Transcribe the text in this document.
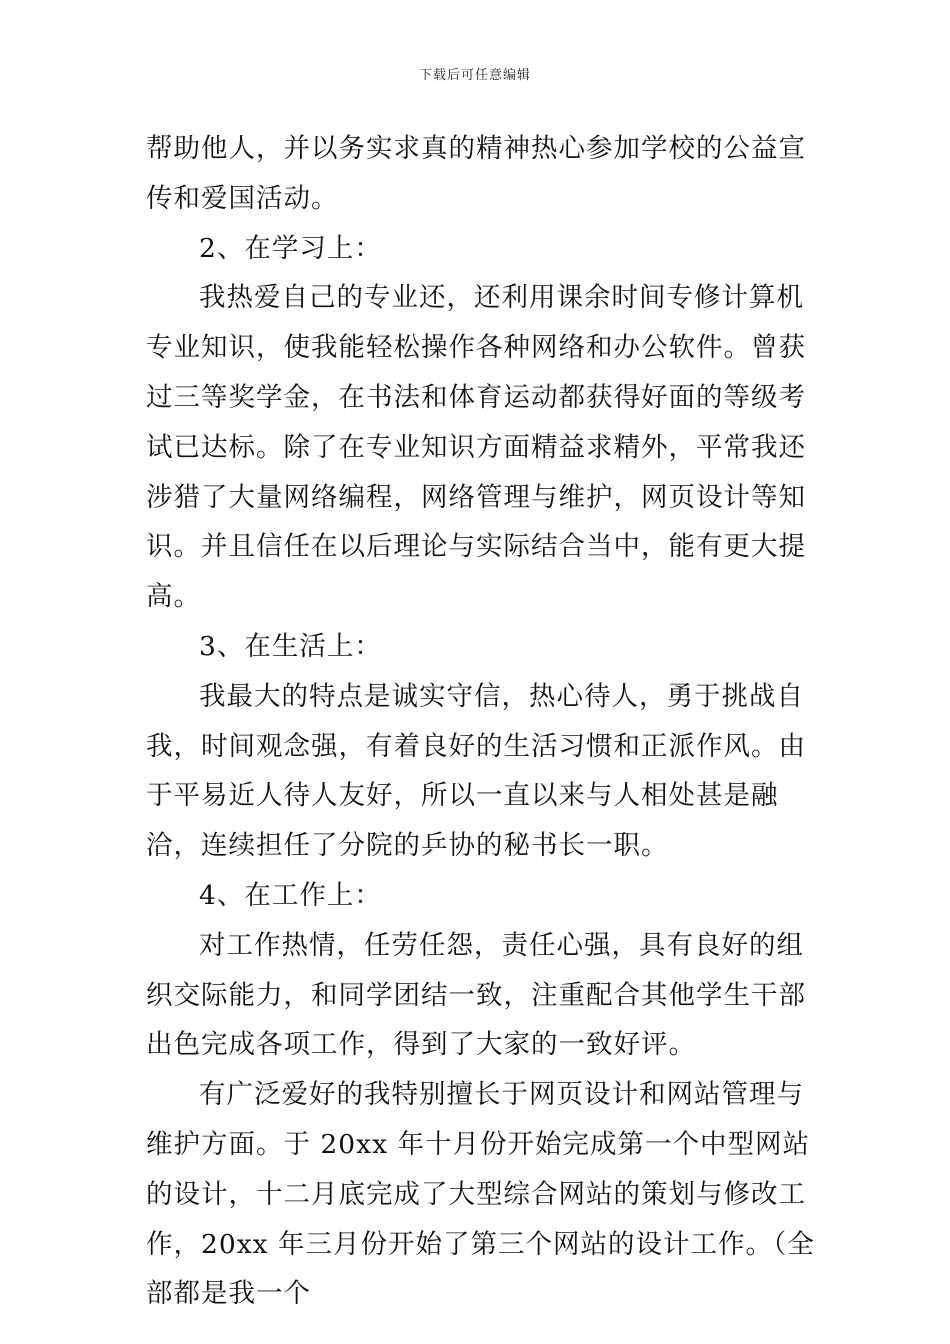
下载后可任意编辑

帮助他人，并以务实求真的精神热心参加学校的公益宣传和爱国活动。

2、在学习上：

我热爱自己的专业还，还利用课余时间专修计算机专业知识，使我能轻松操作各种网络和办公软件。曾获过三等奖学金，在书法和体育运动都获得好面的等级考试已达标。除了在专业知识方面精益求精外，平常我还涉猎了大量网络编程，网络管理与维护，网页设计等知识。并且信任在以后理论与实际结合当中，能有更大提高。

3、在生活上：

我最大的特点是诚实守信，热心待人，勇于挑战自我，时间观念强，有着良好的生活习惯和正派作风。由于平易近人待人友好，所以一直以来与人相处甚是融洽，连续担任了分院的乒协的秘书长一职。

4、在工作上：

对工作热情，任劳任怨，责任心强，具有良好的组织交际能力，和同学团结一致，注重配合其他学生干部出色完成各项工作，得到了大家的一致好评。

有广泛爱好的我特别擅长于网页设计和网站管理与维护方面。于 20xx 年十月份开始完成第一个中型网站的设计，十二月底完成了大型综合网站的策划与修改工作，20xx 年三月份开始了第三个网站的设计工作。（全部都是我一个
